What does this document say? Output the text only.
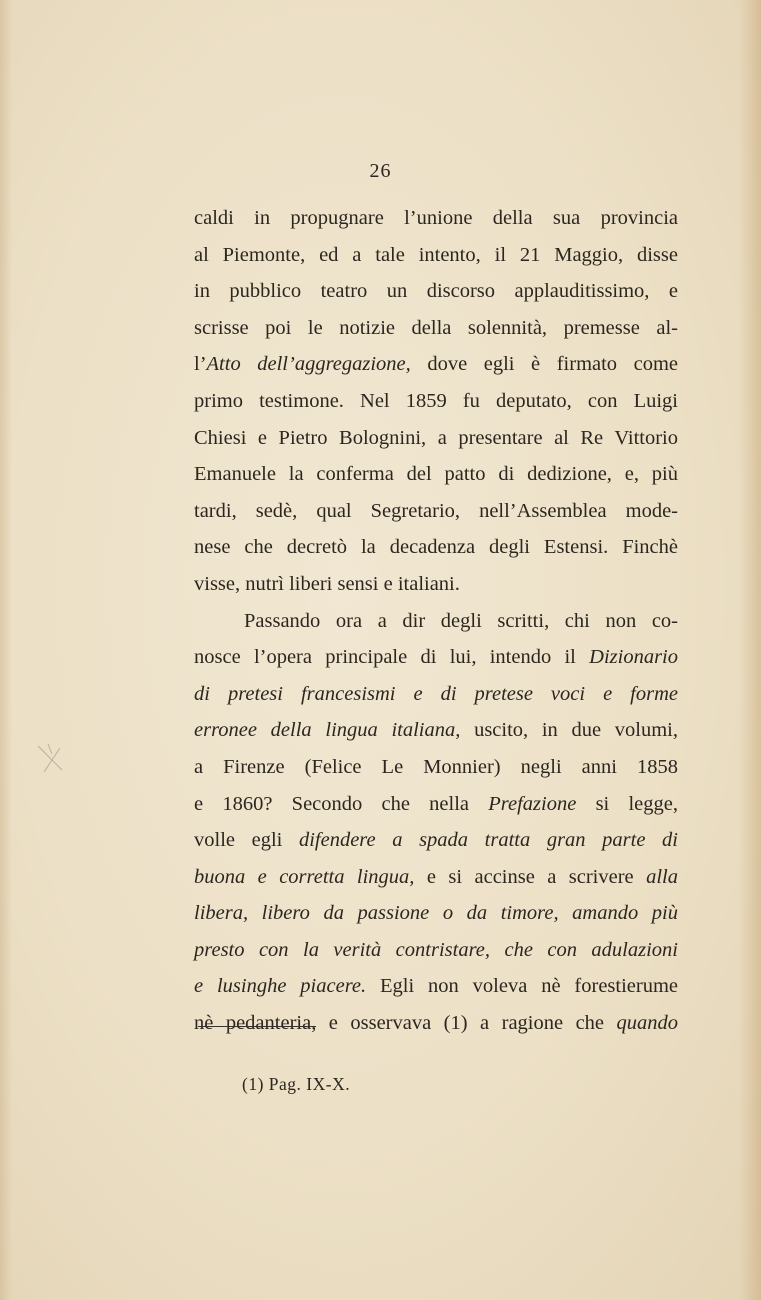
26
caldi in propugnare l’unione della sua provincia
al Piemonte, ed a tale intento, il 21 Maggio, disse
in pubblico teatro un discorso applauditissimo, e
scrisse poi le notizie della solennità, premesse al-
l’Atto dell’aggregazione, dove egli è firmato come
primo testimone. Nel 1859 fu deputato, con Luigi
Chiesi e Pietro Bolognini, a presentare al Re Vittorio
Emanuele la conferma del patto di dedizione, e, più
tardi, sedè, qual Segretario, nell’Assemblea mode-
nese che decretò la decadenza degli Estensi. Finchè
visse, nutrì liberi sensi e italiani.
Passando ora a dir degli scritti, chi non co-
nosce l’opera principale di lui, intendo il Dizionario
di pretesi francesismi e di pretese voci e forme
erronee della lingua italiana, uscito, in due volumi,
a Firenze (Felice Le Monnier) negli anni 1858
e 1860? Secondo che nella Prefazione si legge,
volle egli difendere a spada tratta gran parte di
buona e corretta lingua, e si accinse a scrivere alla
libera, libero da passione o da timore, amando più
presto con la verità contristare, che con adulazioni
e lusinghe piacere. Egli non voleva nè forestierume
nè pedanteria, e osservava (1) a ragione che quando
(1) Pag. IX-X.
